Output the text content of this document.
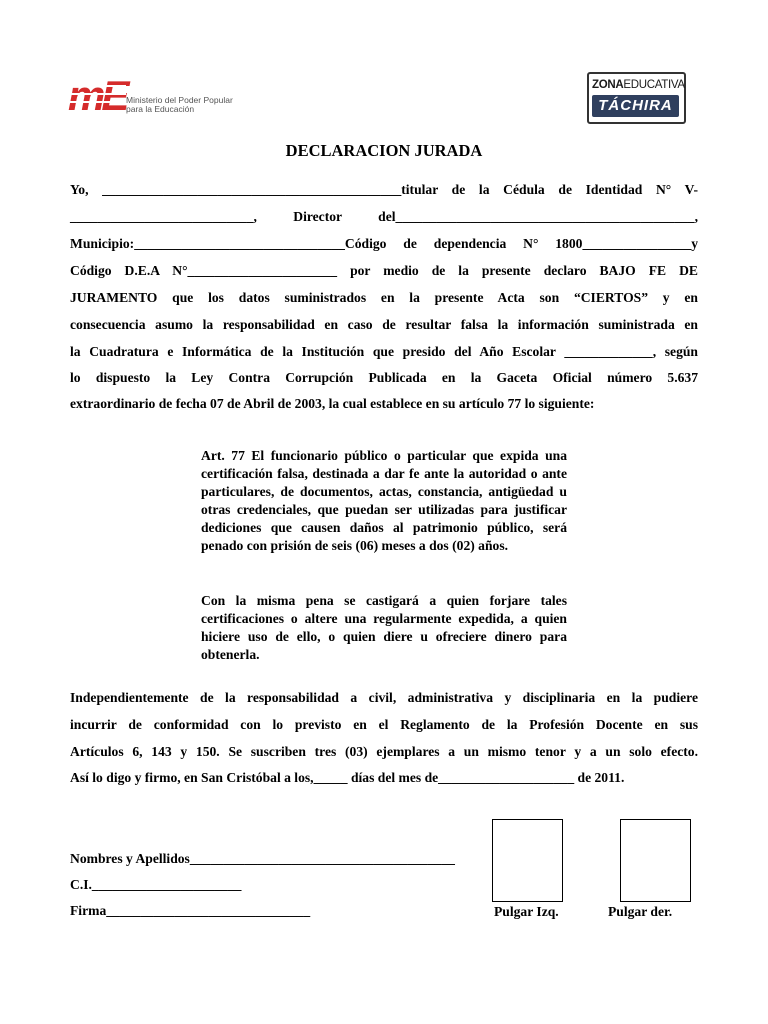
mE Ministerio del Poder Popular
para la Educación
ZONAEDUCATIVA
TÁCHIRA
DECLARACION JURADA
Yo, ____________________________________________titular de la Cédula de Identidad N° V-
___________________________, Director del____________________________________________,
Municipio:_______________________________Código de dependencia N° 1800________________y
Código D.E.A N°______________________ por medio de la presente declaro BAJO FE DE
JURAMENTO que los datos suministrados en la presente Acta son “CIERTOS” y en
consecuencia asumo la responsabilidad en caso de resultar falsa la información suministrada en
la Cuadratura e Informática de la Institución que presido del Año Escolar _____________, según
lo dispuesto la Ley Contra Corrupción Publicada en la Gaceta Oficial número 5.637
extraordinario de fecha 07 de Abril de 2003, la cual establece en su artículo 77 lo siguiente:
Art. 77 El funcionario público o particular que expida una certificación falsa, destinada a dar fe ante la autoridad o ante particulares, de documentos, actas, constancia, antigüedad u otras credenciales, que puedan ser utilizadas para justificar dediciones que causen daños al patrimonio público, será penado con prisión de seis (06) meses a dos (02) años.
Con la misma pena se castigará a quien forjare tales certificaciones o altere una regularmente expedida, a quien hiciere uso de ello, o quien diere u ofreciere dinero para obtenerla.
Independientemente de la responsabilidad a civil, administrativa y disciplinaria en la pudiere
incurrir de conformidad con lo previsto en el Reglamento de la Profesión Docente en sus
Artículos 6, 143 y 150. Se suscriben tres (03) ejemplares a un mismo tenor y a un solo efecto.
Así lo digo y firmo, en San Cristóbal a los,_____ días del mes de____________________ de 2011.
Nombres y Apellidos_______________________________________
C.I.______________________
Firma______________________________	Pulgar Izq.	Pulgar der.
